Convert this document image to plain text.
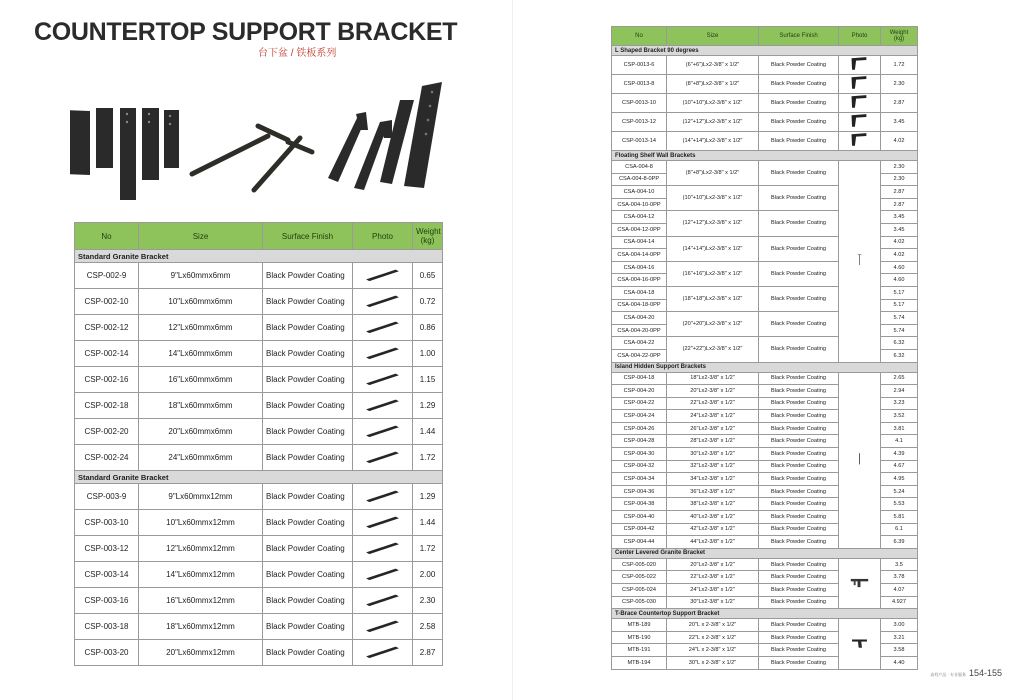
COUNTERTOP SUPPORT BRACKET
台下盆 / 铁板系列
No	Size	Surface Finish	Photo	Weight
(kg)
Standard Granite Bracket				
CSP-002-9	9"Lx60mmx6mm	Black Powder Coating		0.65
CSP-002-10	10"Lx60mmx6mm	Black Powder Coating		0.72
CSP-002-12	12"Lx60mmx6mm	Black Powder Coating		0.86
CSP-002-14	14"Lx60mmx6mm	Black Powder Coating		1.00
CSP-002-16	16"Lx60mmx6mm	Black Powder Coating		1.15
CSP-002-18	18"Lx60mmx6mm	Black Powder Coating		1.29
CSP-002-20	20"Lx60mmx6mm	Black Powder Coating		1.44
CSP-002-24	24"Lx60mmx6mm	Black Powder Coating		1.72
Standard Granite Bracket				
CSP-003-9	9"Lx60mmx12mm	Black Powder Coating		1.29
CSP-003-10	10"Lx60mmx12mm	Black Powder Coating		1.44
CSP-003-12	12"Lx60mmx12mm	Black Powder Coating		1.72
CSP-003-14	14"Lx60mmx12mm	Black Powder Coating		2.00
CSP-003-16	16"Lx60mmx12mm	Black Powder Coating		2.30
CSP-003-18	18"Lx60mmx12mm	Black Powder Coating		2.58
CSP-003-20	20"Lx60mmx12mm	Black Powder Coating		2.87
No	Size	Surface Finish	Photo	Weight
(kg)
L Shaped Bracket 90 degrees				
CSP-0013-6	(6"+6")Lx2-3/8" x 1/2"	Black Powder Coating		1.72
CSP-0013-8	(8"+8")Lx2-3/8" x 1/2"	Black Powder Coating		2.30
CSP-0013-10	(10"+10")Lx2-3/8" x 1/2"	Black Powder Coating		2.87
CSP-0013-12	(12"+12")Lx2-3/8" x 1/2"	Black Powder Coating		3.45
CSP-0013-14	(14"+14")Lx2-3/8" x 1/2"	Black Powder Coating		4.02
Floating Shelf Wall Brackets				
CSA-004-8	(8"+8")Lx2-3/8" x 1/2"	Black Powder Coating		2.30
CSA-004-8-0PP				2.30
CSA-004-10	(10"+10")Lx2-3/8" x 1/2"	Black Powder Coating		2.87
CSA-004-10-0PP				2.87
CSA-004-12	(12"+12")Lx2-3/8" x 1/2"	Black Powder Coating		3.45
CSA-004-12-0PP				3.45
CSA-004-14	(14"+14")Lx2-3/8" x 1/2"	Black Powder Coating		4.02
CSA-004-14-0PP				4.02
CSA-004-16	(16"+16")Lx2-3/8" x 1/2"	Black Powder Coating		4.60
CSA-004-16-0PP				4.60
CSA-004-18	(18"+18")Lx2-3/8" x 1/2"	Black Powder Coating		5.17
CSA-004-18-0PP				5.17
CSA-004-20	(20"+20")Lx2-3/8" x 1/2"	Black Powder Coating		5.74
CSA-004-20-0PP				5.74
CSA-004-22	(22"+22")Lx2-3/8" x 1/2"	Black Powder Coating		6.32
CSA-004-22-0PP				6.32
Island Hidden Support Brackets				
CSP-004-18	18"Lx2-3/8" x 1/2"	Black Powder Coating		2.65
CSP-004-20	20"Lx2-3/8" x 1/2"	Black Powder Coating		2.94
CSP-004-22	22"Lx2-3/8" x 1/2"	Black Powder Coating		3.23
CSP-004-24	24"Lx2-3/8" x 1/2"	Black Powder Coating		3.52
CSP-004-26	26"Lx2-3/8" x 1/2"	Black Powder Coating		3.81
CSP-004-28	28"Lx2-3/8" x 1/2"	Black Powder Coating		4.1
CSP-004-30	30"Lx2-3/8" x 1/2"	Black Powder Coating		4.39
CSP-004-32	32"Lx2-3/8" x 1/2"	Black Powder Coating		4.67
CSP-004-34	34"Lx2-3/8" x 1/2"	Black Powder Coating		4.95
CSP-004-36	36"Lx2-3/8" x 1/2"	Black Powder Coating		5.24
CSP-004-38	38"Lx2-3/8" x 1/2"	Black Powder Coating		5.53
CSP-004-40	40"Lx2-3/8" x 1/2"	Black Powder Coating		5.81
CSP-004-42	42"Lx2-3/8" x 1/2"	Black Powder Coating		6.1
CSP-004-44	44"Lx2-3/8" x 1/2"	Black Powder Coating		6.39
Center Levered Granite Bracket				
CSP-005-020	20"Lx2-3/8" x 1/2"	Black Powder Coating		3.5
CSP-005-022	22"Lx2-3/8" x 1/2"	Black Powder Coating		3.78
CSP-005-024	24"Lx2-3/8" x 1/2"	Black Powder Coating		4.07
CSP-005-030	30"Lx2-3/8" x 1/2"	Black Powder Coating		4.927
T-Brace Countertop Support Bracket				
MTB-189	20"L x 2-3/8" x 1/2"	Black Powder Coating		3.00
MTB-190	22"L x 2-3/8" x 1/2"	Black Powder Coating		3.21
MTB-191	24"L x 2-3/8" x 1/2"	Black Powder Coating		3.58
MTB-194	30"L x 2-3/8" x 1/2"	Black Powder Coating		4.40
高档产品 · 专业服务 154-155
